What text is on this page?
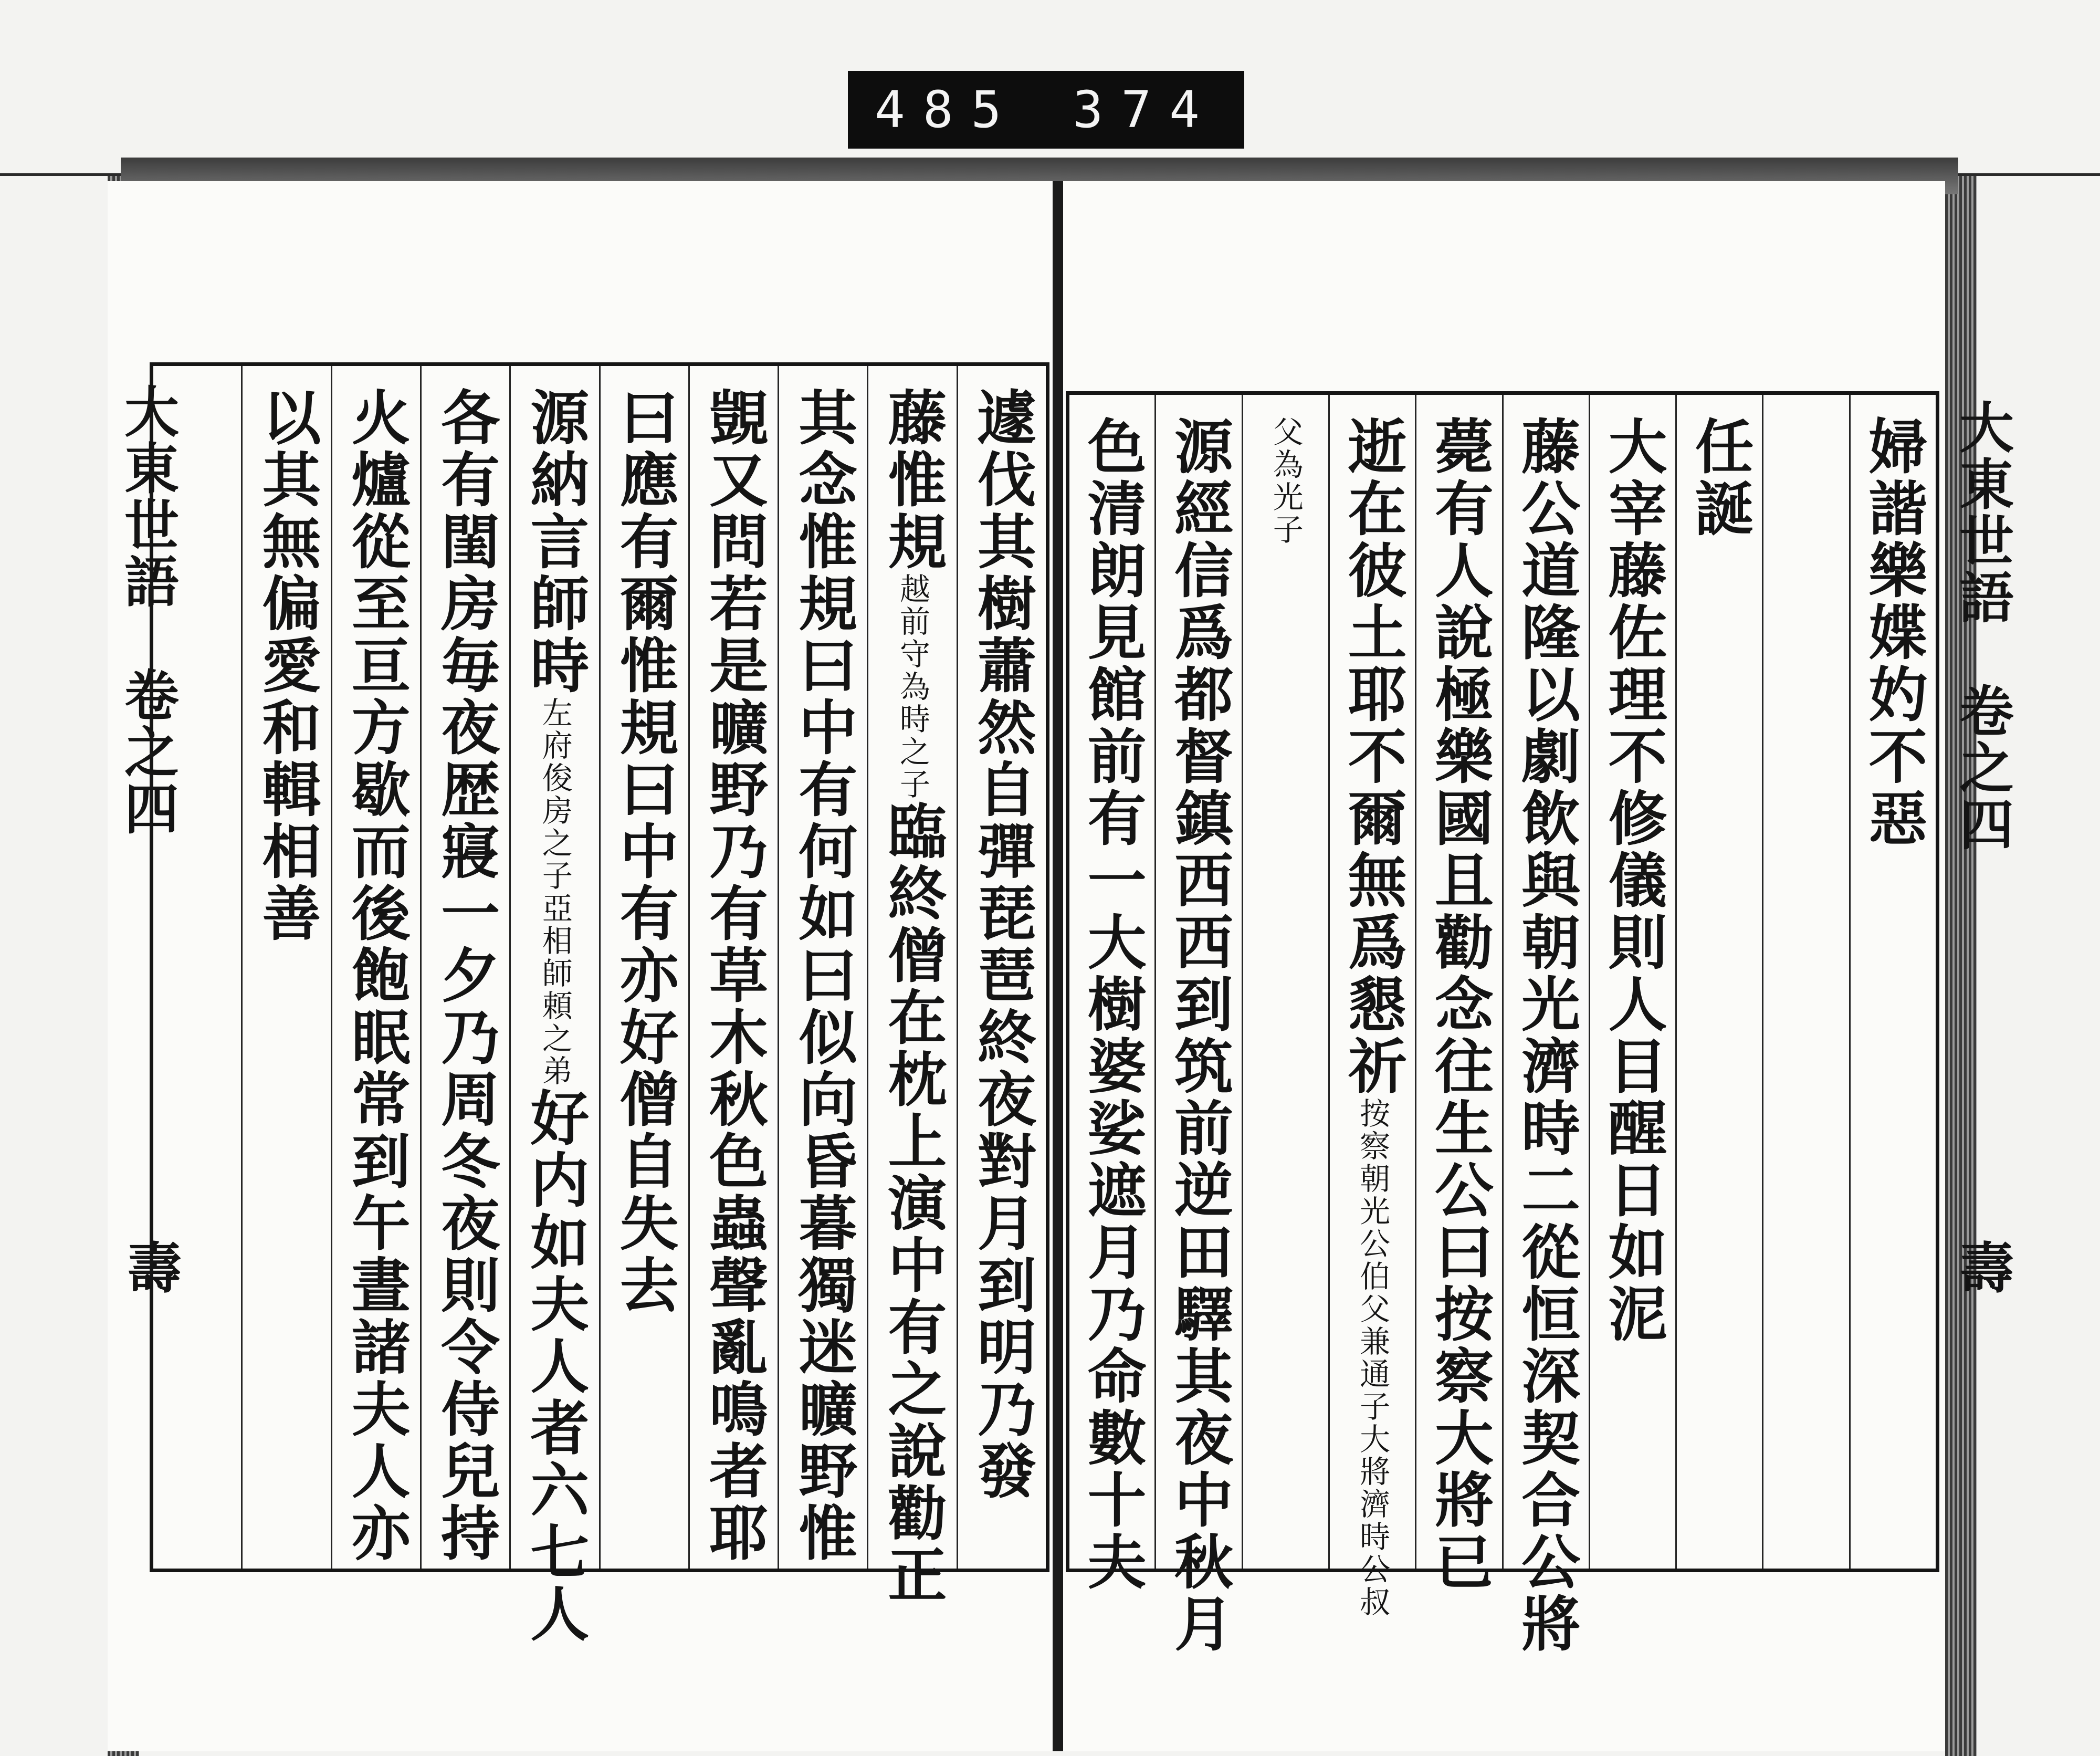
485 374
大東世語　卷之四
壽
大東世語　卷之四
壽
遽伐其樹蕭然自彈琵琶終夜對月到明乃發
藤惟規越前守為時之子臨終僧在枕上演中有之說勸正
其念惟規曰中有何如曰似向昏暮獨迷曠野惟
覬又問若是曠野乃有草木秋色蟲聲亂鳴者耶
曰應有爾惟規曰中有亦好僧自失去
源納言師時左府俊房之子亞相師頼之弟好内如夫人者六七人
各有閨房毎夜歴寢一夕乃周冬夜則令侍兒持
火爐從至亘方歇而後飽眠常到午晝諸夫人亦
以其無偏愛和輯相善	婦諧樂媟妁不惡
任誕
大宰藤佐理不修儀則人目醒日如泥
藤公道隆以劇飲與朝光濟時二從恒深契合公將
薨有人說極樂國且勸念往生公曰按察大將已
逝在彼土耶不爾無爲懇祈按察朝光公伯父兼通子大將濟時公叔
父為光子
源經信爲都督鎮西西到筑前逆田驛其夜中秋月
色清朗見館前有一大樹婆娑遮月乃命數十夫
